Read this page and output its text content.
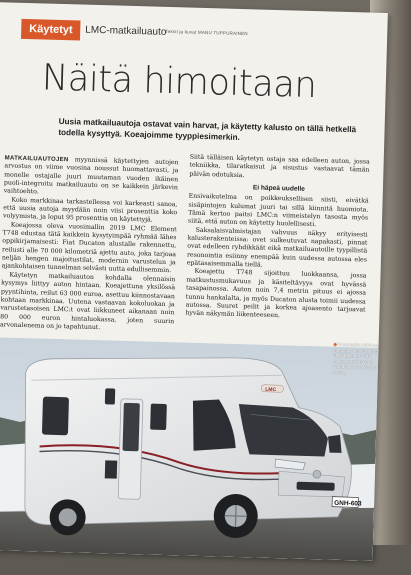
Käytetyt	LMC-matkailuauto
Teksti ja kuvat MANU TUPPURAINEN
Näitä himoitaan
Uusia matkailuautoja ostavat vain harvat, ja käytetty kalusto on tällä hetkellä todella kysyttyä. Koeajoimme tyyppiesimerkin.

MATKAILUAUTOJEN myynnissä käytettyjen autojen arvostus on viime vuosina noussut huomattavasti, ja monelle ostajalle juuri muutaman vuoden ikäinen puoli-integroitu matkailuauto on se kaikkein järkevin vaihtoehto.

Koko markkinaa tarkastellessa voi karkeasti sanoa, että uusia autoja myydään noin viisi prosenttia koko volyymista, ja loput 95 prosenttia on käytettyjä.

Koeajossa oleva vuosimallin 2019 LMC Element T748 edustaa tätä kaikkein kysytyimpää ryhmää lähes oppikirjamaisesti: Fiat Ducaton alustalle rakennettu, reilusti alle 70 000 kilometriä ajettu auto, joka tarjoaa neljän hengen majoitustilat, modernin varustelun ja ajankohtaisen tunnelman selvästi uutta edullisemmin.

Käytetyn matkailuauton kohdalla olennaisin kysymys liittyy auton hintaan. Koeajettuna yksilössä pyyntihinta, reilut 63 000 euroa, asettuu kiinnostavaan kohtaan markkinaa. Uutena vastaavan kokoluokan ja varustetasoisen LMC:t ovat liikkuneet aikanaan noin 80 000 euron hintaluokassa, joten suurin arvonalenema on jo tapahtunut.

Siitä tälläisen käytetyn ostaja saa edelleen auton, jossa tekniikka, tilaratkaisut ja sisustus vastaavat tämän päivän odotuksia.

Ei häpeä uudelle

Ensivaikutelma on poikkeuksellisen siisti, eivätkä sisäpintojen kulumat juuri tai sillä kiinnitä huomiota. Tämä kertoo paitsi LMC:n viimeistelyn tasosta myös siitä, että auton on käytetty huolellisesti.

Saksalaisvalmistajan vahvuus näkyy erityisesti kalusterakenteissa: ovet sulkeutuvat napakasti, pinnat ovat edelleen ryhdikkäät eikä matkailuautoille tyypillistä resonointia esiinny enempää kuin uudessa autossa eles epätasaisemmalla tiellä.

Koeajettu T748 sijoittuu luokkaansa, jossa matkustusmukavuus ja käsiteltävyys ovat hyvässä tasapainossa. Auton noin 7,4 metrin pituus ei ajossa tunnu hankalalta, ja myös Ducaton alusta toimii uudessa autossa. Suuret peilit ja korkea ajoasento tarjoavat hyvän näkymän liikenteeseen.

GNH-603
LMC
◆ Vuosimallin 2019 puoli-integroitu matkailuauto LMC Element T748 maksaa noin 63 000 euroa ja on nyt kysytty valinta.
